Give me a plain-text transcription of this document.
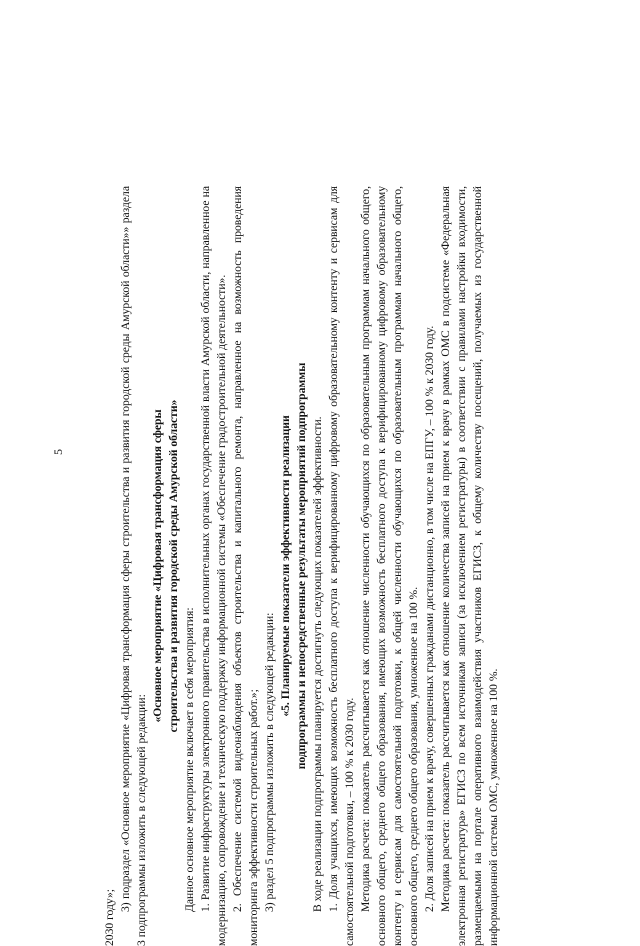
5

2030 году»;

3) подраздел «Основное мероприятие «Цифровая трансформация сферы строительства и развития городской среды Амурской области»» раздела 3 подпрограммы изложить в следующей редакции:

«Основное мероприятие «Цифровая трансформация сферы строительства и развития городской среды Амурской области»

Данное основное мероприятие включает в себя мероприятия: 1. Развитие инфраструктуры электронного правительства в исполнительных органах государственной власти Амурской области, направленное на модернизацию, сопровождение и техническую поддержку информационной системы «Обеспечение градостроительной деятельности». 2. Обеспечение системой видеонаблюдения объектов строительства и капитального ремонта, направленное на возможность проведения мониторинга эффективности строительных работ.»; 3) раздел 5 подпрограммы изложить в следующей редакции:

«5. Планируемые показатели эффективности реализации подпрограммы и непосредственные результаты мероприятий подпрограммы В ходе реализации подпрограммы планируется достигнуть следующих показателей эффективности. 1. Доля учащихся, имеющих возможность бесплатного доступа к верифицированному цифровому образовательному контенту и сервисам для самостоятельной подготовки, – 100 % к 2030 году. Методика расчета: показатель рассчитывается как отношение численности обучающихся по образовательным программам начального общего, основного общего, среднего общего образования, имеющих возможность бесплатного доступа к верифицированному цифровому образовательному контенту и сервисам для самостоятельной подготовки, к общей численности обучающихся по образовательным программам начального общего, основного общего, среднего общего образования, умноженное на 100 %. 2. Доля записей на прием к врачу, совершенных гражданами дистанционно, в том числе на ЕПГУ, – 100 % к 2030 году. Методика расчета: показатель рассчитывается как отношение количества записей на прием к врачу в рамках ОМС в подсистеме «Федеральная электронная регистратура» ЕГИСЗ по всем источникам записи (за исключением регистратуры) в соответствии с правилами настройки входимости, размещаемыми на портале оперативного взаимодействия участников ЕГИСЗ, к общему количеству посещений, получаемых из государственной информационной системы ОМС, умноженное на 100 %.
